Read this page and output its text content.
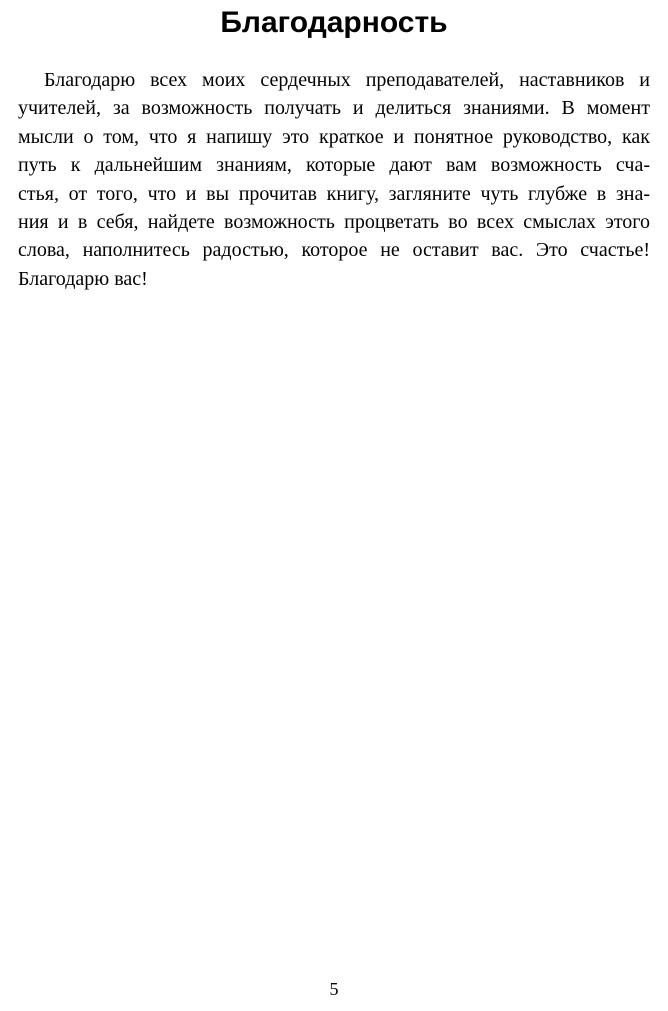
Благодарность

Благодарю всех моих сердечных преподавателей, наставников и
учителей, за возможность получать и делиться знаниями. В момент
мысли о том, что я напишу это краткое и понятное руководство, как
путь к дальнейшим знаниям, которые дают вам возможность сча-
стья, от того, что и вы прочитав книгу, загляните чуть глубже в зна-
ния и в себя, найдете возможность процветать во всех смыслах этого
слова, наполнитесь радостью, которое не оставит вас. Это счастье!
Благодарю вас!

5
